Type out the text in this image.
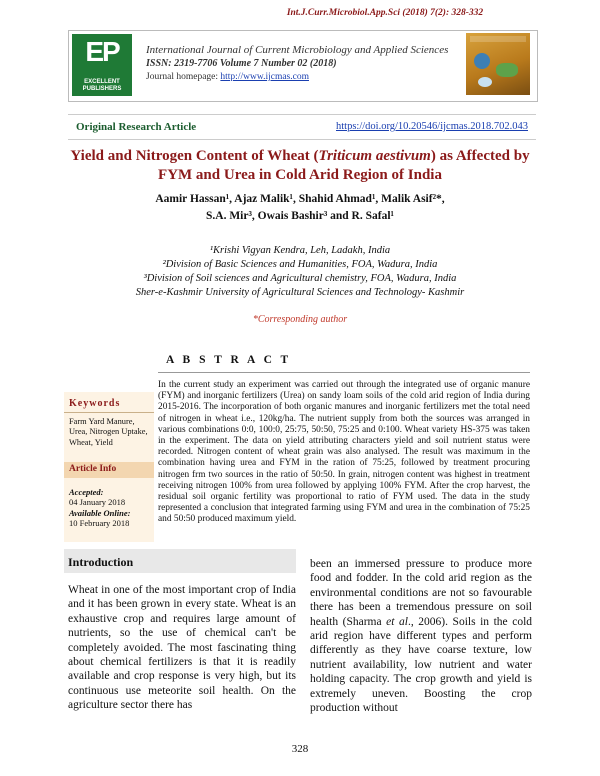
Int.J.Curr.Microbiol.App.Sci (2018) 7(2): 328-332
EP
EXCELLENT PUBLISHERS
International Journal of Current Microbiology and Applied Sciences
ISSN: 2319-7706 Volume 7 Number 02 (2018)
Journal homepage: http://www.ijcmas.com
Original Research Article	https://doi.org/10.20546/ijcmas.2018.702.043
Yield and Nitrogen Content of Wheat (Triticum aestivum) as Affected by FYM and Urea in Cold Arid Region of India
Aamir Hassan¹, Ajaz Malik¹, Shahid Ahmad¹, Malik Asif²*,
S.A. Mir³, Owais Bashir³ and R. Safal¹
¹Krishi Vigyan Kendra, Leh, Ladakh, India
²Division of Basic Sciences and Humanities, FOA, Wadura, India
³Division of Soil sciences and Agricultural chemistry, FOA, Wadura, India
Sher-e-Kashmir University of Agricultural Sciences and Technology- Kashmir
*Corresponding author
A B S T R A C T
In the current study an experiment was carried out through the integrated use of organic manure (FYM) and inorganic fertilizers (Urea) on sandy loam soils of the cold arid region of India during 2015-2016. The incorporation of both organic manures and inorganic fertilizers met the total need of nitrogen in wheat i.e., 120kg/ha. The nutrient supply from both the sources was arranged in various combinations 0:0, 100:0, 25:75, 50:50, 75:25 and 0:100. Wheat variety HS-375 was taken in the experiment. The data on yield attributing characters yield and soil nutrient status were recorded. Nitrogen content of wheat grain was also analysed. The result was maximum in the combination having urea and FYM in the ration of 75:25, followed by treatment procuring nitrogen frm two sources in the ratio of 50:50. In grain, nitrogen content was highest in treatment receiving nitrogen 100% from urea followed by applying 100% FYM. After the crop harvest, the residual soil organic fertility was proportional to ratio of FYM used. The data in the study represented a conclusion that integrated farming using FYM and urea in the combination of 75:25 and 50:50 produced maximum yield.
Keywords
Farm Yard Manure, Urea, Nitrogen Uptake, Wheat, Yield
Article Info
Accepted:
04 January 2018
Available Online:
10 February 2018
Introduction
Wheat in one of the most important crop of India and it has been grown in every state. Wheat is an exhaustive crop and requires large amount of nutrients, so the use of chemical can't be completely avoided. The most fascinating thing about chemical fertilizers is that it is readily available and crop response is very high, but its continuous use meteorite soil health. On the agriculture sector there has
been an immersed pressure to produce more food and fodder. In the cold arid region as the environmental conditions are not so favourable there has been a tremendous pressure on soil health (Sharma et al., 2006). Soils in the cold arid region have different types and perform differently as they have coarse texture, low nutrient availability, low nutrient and water holding capacity. The crop growth and yield is extremely uneven. Boosting the crop production without
328
